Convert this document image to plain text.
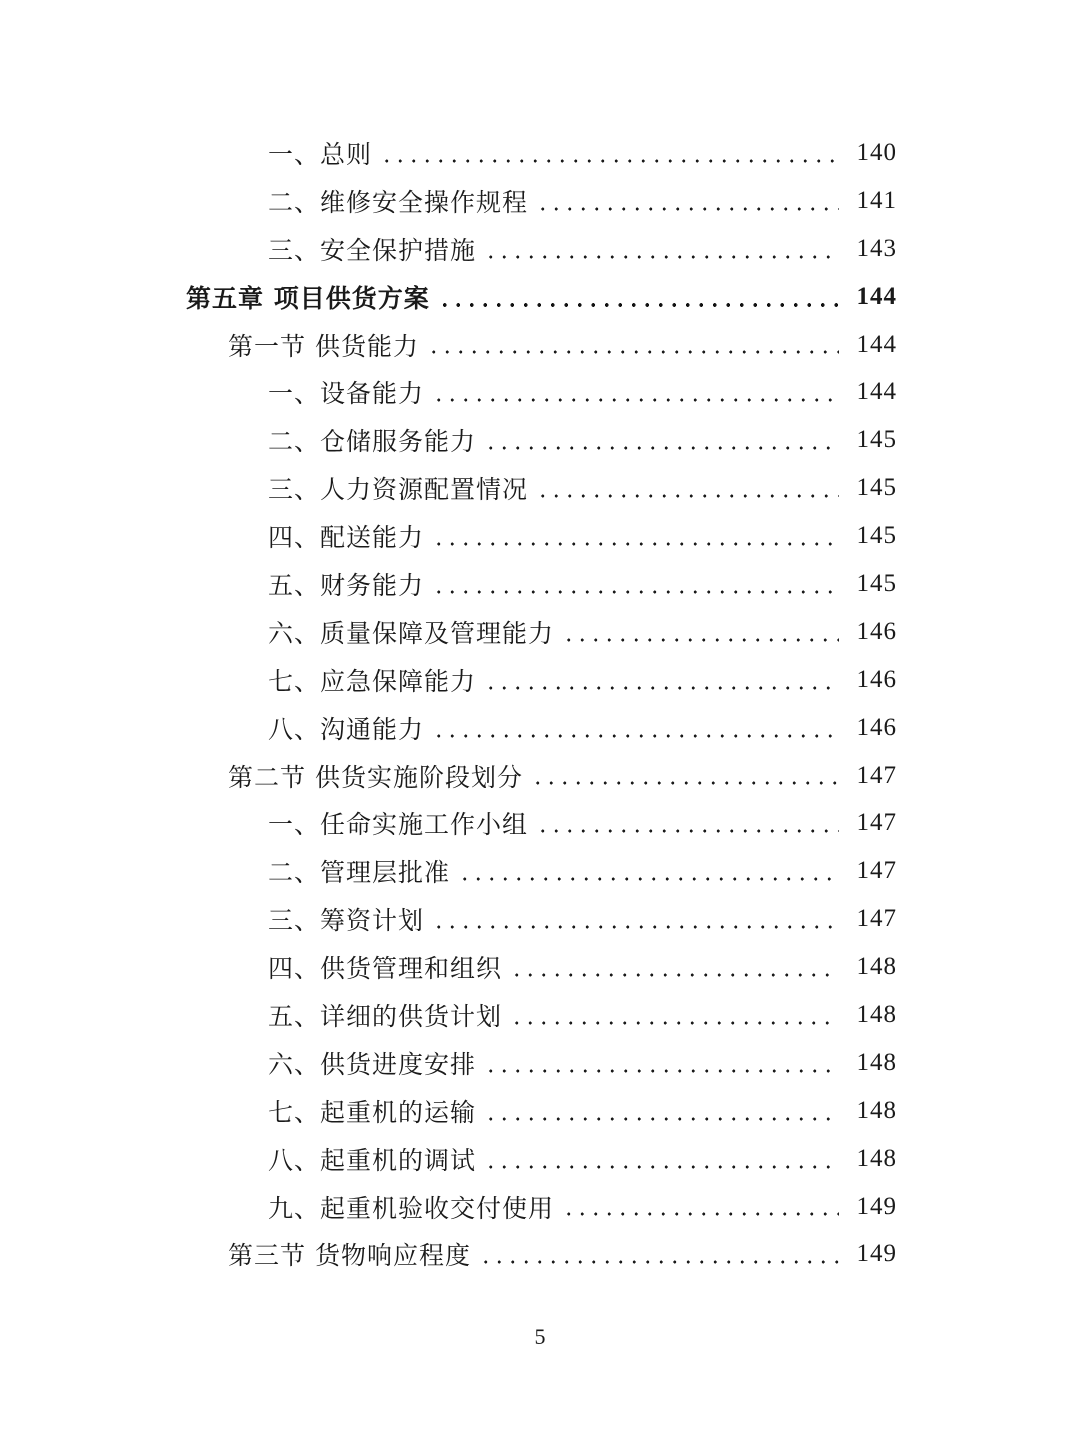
一、总则	140
二、维修安全操作规程	141
三、安全保护措施	143
第五章 项目供货方案	144
第一节 供货能力	144
一、设备能力	144
二、仓储服务能力	145
三、人力资源配置情况	145
四、配送能力	145
五、财务能力	145
六、质量保障及管理能力	146
七、应急保障能力	146
八、沟通能力	146
第二节 供货实施阶段划分	147
一、任命实施工作小组	147
二、管理层批准	147
三、筹资计划	147
四、供货管理和组织	148
五、详细的供货计划	148
六、供货进度安排	148
七、起重机的运输	148
八、起重机的调试	148
九、起重机验收交付使用	149
第三节 货物响应程度	149
5
